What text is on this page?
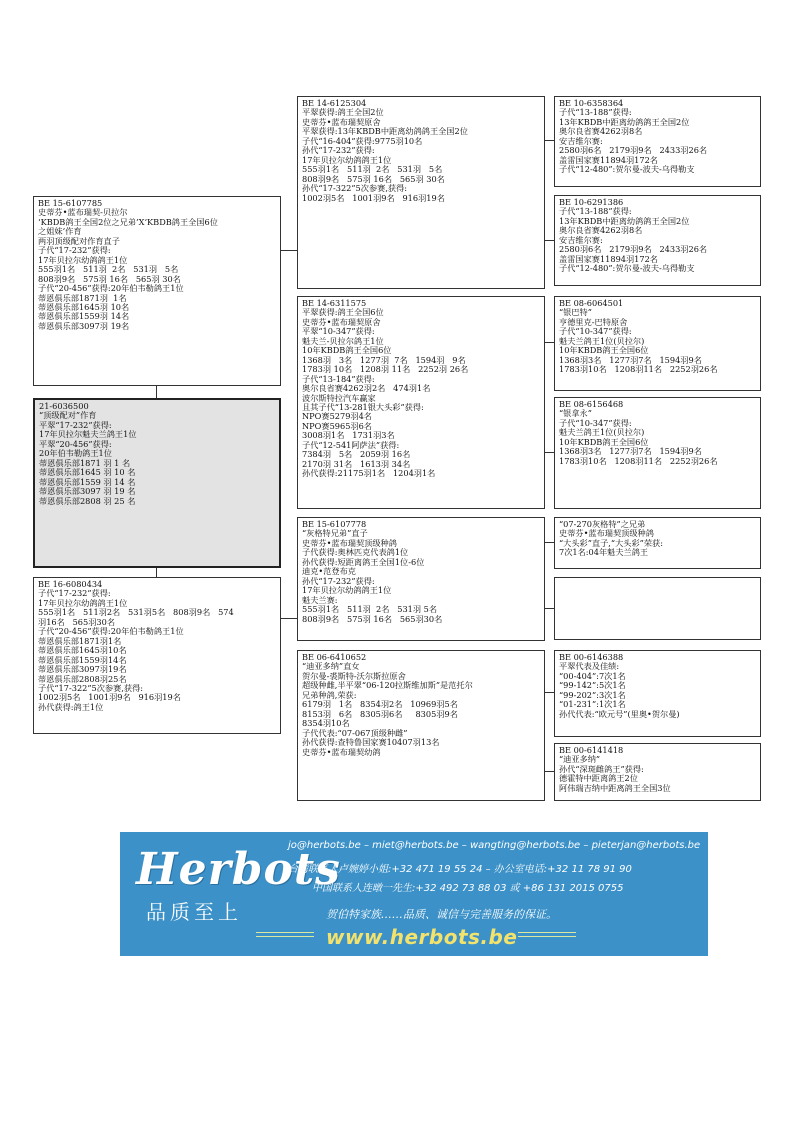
BE 15-6107785
史蒂芬•蓝布瑞契-贝拉尔
‘KBDB鸽王全国2位之兄弟’X‘KBDB鸽王全国6位
之姐妹’作育
两羽顶级配对作育直子
子代“17-232”获得:
17年贝拉尔幼鸽鸽王1位
555羽1名   511羽  2名   531羽   5名
808羽9名   575羽 16名   565羽 30名
子代“20-456”获得:20年伯韦勒鸽王1位
蒂恩俱乐部1871羽  1名
蒂恩俱乐部1645羽 10名
蒂恩俱乐部1559羽 14名
蒂恩俱乐部3097羽 19名
21-6036500
“顶级配对”作育
平翠“17-232”获得:
17年贝拉尔魁夫兰鸽王1位
平翠“20-456”获得:
20年伯韦勒鸽王1位
蒂恩俱乐部1871 羽 1 名
蒂恩俱乐部1645 羽 10 名
蒂恩俱乐部1559 羽 14 名
蒂恩俱乐部3097 羽 19 名
蒂恩俱乐部2808 羽 25 名
BE 16-6080434
子代“17-232”获得:
17年贝拉尔幼鸽鸽王1位
555羽1名   511羽2名   531羽5名   808羽9名   574
羽16名   565羽30名
子代“20-456”获得:20年伯韦勒鸽王1位
蒂恩俱乐部1871羽1名
蒂恩俱乐部1645羽10名
蒂恩俱乐部1559羽14名
蒂恩俱乐部3097羽19名
蒂恩俱乐部2808羽25名
子代“17-322”5次参赛,获得:
1002羽5名   1001羽9名   916羽19名
孙代获得:鸽王1位
BE 14-6125304
平翠获得:鸽王全国2位
史蒂芬•蓝布瑞契原舍
平翠获得:13年KBDB中距离幼鸽鸽王全国2位
子代“16-404”获得:9775羽10名
孙代“17-232”获得:
17年贝拉尔幼鸽鸽王1位
555羽1名   511羽  2名   531羽   5名
808羽9名   575羽 16名   565羽 30名
孙代“17-322”5次参赛,获得:
1002羽5名   1001羽9名   916羽19名
BE 14-6311575
平翠获得:鸽王全国6位
史蒂芬•蓝布瑞契原舍
平翠“10-347”获得:
魁夫兰-贝拉尔鸽王1位
10年KBDB鸽王全国6位
1368羽   3名   1277羽  7名   1594羽   9名
1783羽 10名   1208羽 11名   2252羽 26名
子代“13-184”获得:
奥尔良省赛4262羽2名   474羽1名
波尔斯特拉汽车赢家
且其子代“13-281银大头彩”获得:
NPO赛5279羽4名
NPO赛5965羽6名
3008羽1名   1731羽3名
子代“12-541阿萨法”获得:
7384羽   5名   2059羽 16名
2170羽 31名   1613羽 34名
孙代获得:21175羽1名   1204羽1名
BE 15-6107778
“灰格特兄弟”直子
史蒂芬•蓝布瑞契顶级种鸽
子代获得:奥林匹克代表鸽1位
孙代获得:短距离鸽王全国1位-6位
迪克•范登布克
孙代“17-232”获得:
17年贝拉尔幼鸽鸽王1位
魁夫兰赛:
555羽1名   511羽  2名   531羽 5名
808羽9名   575羽 16名   565羽30名
BE 06-6410652
“迪亚多纳”直女
贺尔曼-裘斯特-沃尔斯拉原舍
超级种雌,半平翠“06-120拉斯维加斯”是范托尔
兄弟种鸽,荣获:
6179羽   1名   8354羽2名   10969羽5名
8153羽   6名   8305羽6名     8305羽9名
8354羽10名
子代代表:“07-067顶级种雌”
孙代获得:查特鲁国家赛10407羽13名
史蒂芬•蓝布瑞契幼鸽
BE 10-6358364
子代“13-188”获得:
13年KBDB中距离幼鸽鸽王全国2位
奥尔良省赛4262羽8名
安吉维尔赛:
2580羽6名   2179羽9名   2433羽26名
盖雷国家赛11894羽172名
子代“12-480”:贺尔曼-波夫-乌得勒支
BE 10-6291386
子代“13-188”获得:
13年KBDB中距离幼鸽鸽王全国2位
奥尔良省赛4262羽8名
安吉维尔赛:
2580羽6名   2179羽9名   2433羽26名
盖雷国家赛11894羽172名
子代“12-480”:贺尔曼-波夫-乌得勒支
BE 08-6064501
“银巴特”
亨德里克-巴特原舍
子代“10-347”获得:
魁夫兰鸽王1位(贝拉尔)
10年KBDB鸽王全国6位
1368羽3名   1277羽7名   1594羽9名
1783羽10名   1208羽11名   2252羽26名
BE 08-6156468
“银拿永”
子代“10-347”获得:
魁夫兰鸽王1位(贝拉尔)
10年KBDB鸽王全国6位
1368羽3名   1277羽7名   1594羽9名
1783羽10名   1208羽11名   2252羽26名
“07-270灰格特”之兄弟
史蒂芬•蓝布瑞契顶级种鸽
“大头彩”直子,“大头彩”荣获:
7次1名:04年魁夫兰鸽王
BE 00-6146388
平翠代表及佳绩:
“00-404”:7次1名
“99-142”:5次1名
“99-202”:3次1名
“01-231”:1次1名
孙代代表:“欧元号”(里奥•贺尔曼)
BE 00-6141418
“迪亚多纳”
孙代“深斑雌鸽王”获得:
德霍特中距离鸽王2位
阿伟瑞吉纳中距离鸽王全国3位
Herbots
品质至上
jo@herbots.be – miet@herbots.be – wangting@herbots.be – pieterjan@herbots.be
台湾联系人卢婉婷小姐:+32 471 19 55 24 – 办公室电话:+32 11 78 91 90
中国联系人连暾一先生:+32 492 73 88 03 或 +86 131 2015 0755
贺伯特家族……品质、诚信与完善服务的保证。
www.herbots.be
